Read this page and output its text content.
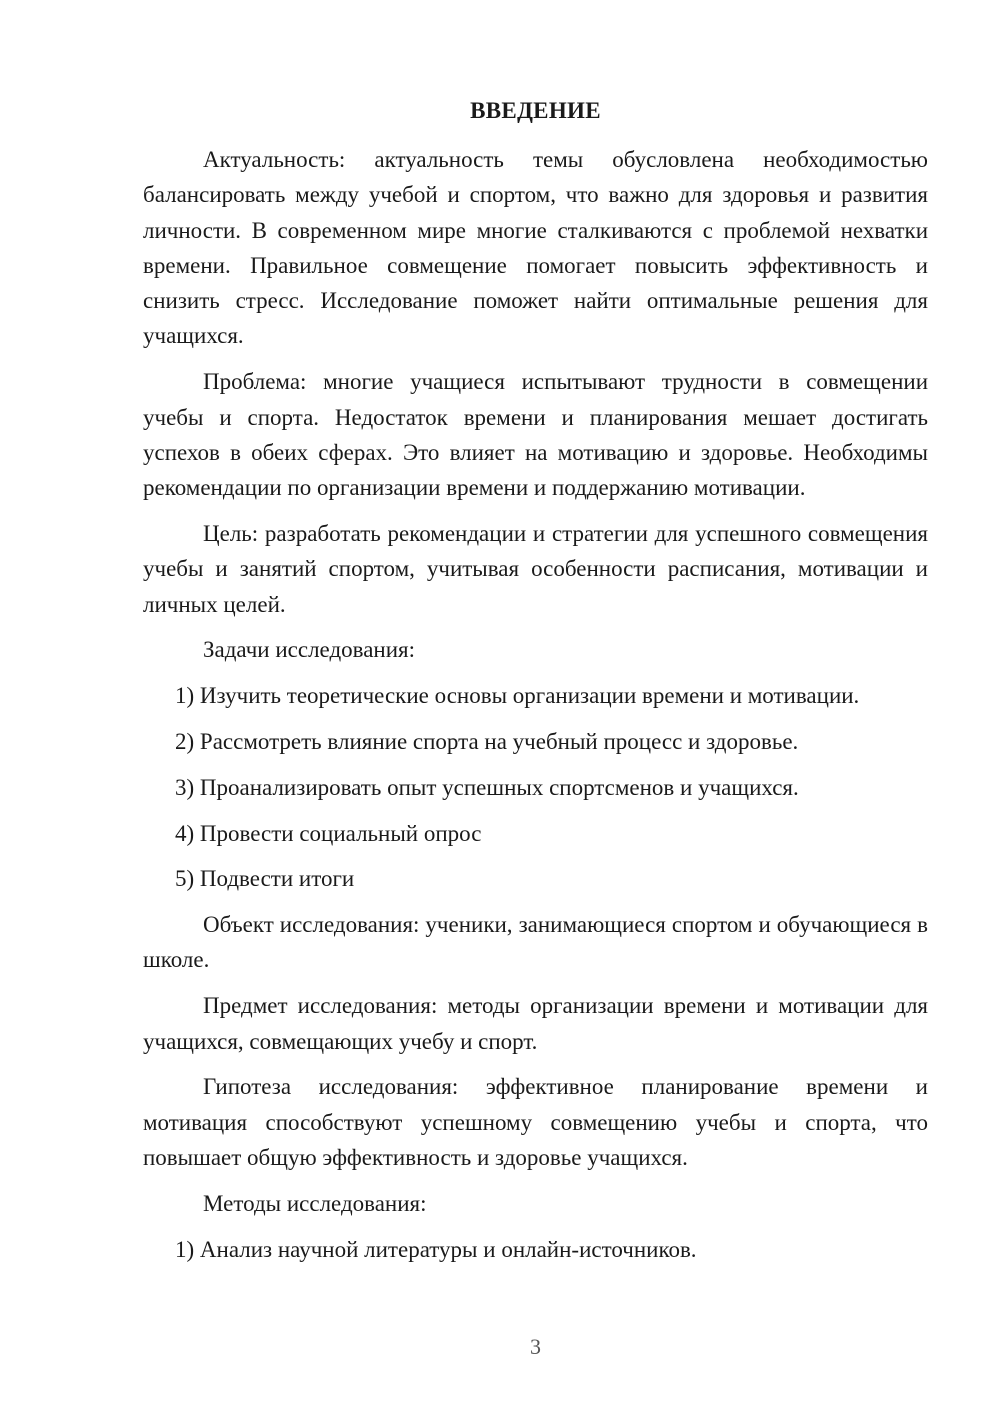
ВВЕДЕНИЕ

Актуальность: актуальность темы обусловлена необходимостью балансировать между учебой и спортом, что важно для здоровья и развития личности. В современном мире многие сталкиваются с проблемой нехватки времени. Правильное совмещение помогает повысить эффективность и снизить стресс. Исследование поможет найти оптимальные решения для учащихся.

Проблема: многие учащиеся испытывают трудности в совмещении учебы и спорта. Недостаток времени и планирования мешает достигать успехов в обеих сферах. Это влияет на мотивацию и здоровье. Необходимы рекомендации по организации времени и поддержанию мотивации.

Цель: разработать рекомендации и стратегии для успешного совмещения учебы и занятий спортом, учитывая особенности расписания, мотивации и личных целей.

Задачи исследования:

1) Изучить теоретические основы организации времени и мотивации.
2) Рассмотреть влияние спорта на учебный процесс и здоровье.
3) Проанализировать опыт успешных спортсменов и учащихся.
4) Провести социальный опрос
5) Подвести итоги

Объект исследования: ученики, занимающиеся спортом и обучающиеся в школе.

Предмет исследования: методы организации времени и мотивации для учащихся, совмещающих учебу и спорт.

Гипотеза исследования: эффективное планирование времени и мотивация способствуют успешному совмещению учебы и спорта, что повышает общую эффективность и здоровье учащихся.

Методы исследования:

1) Анализ научной литературы и онлайн-источников.
3
